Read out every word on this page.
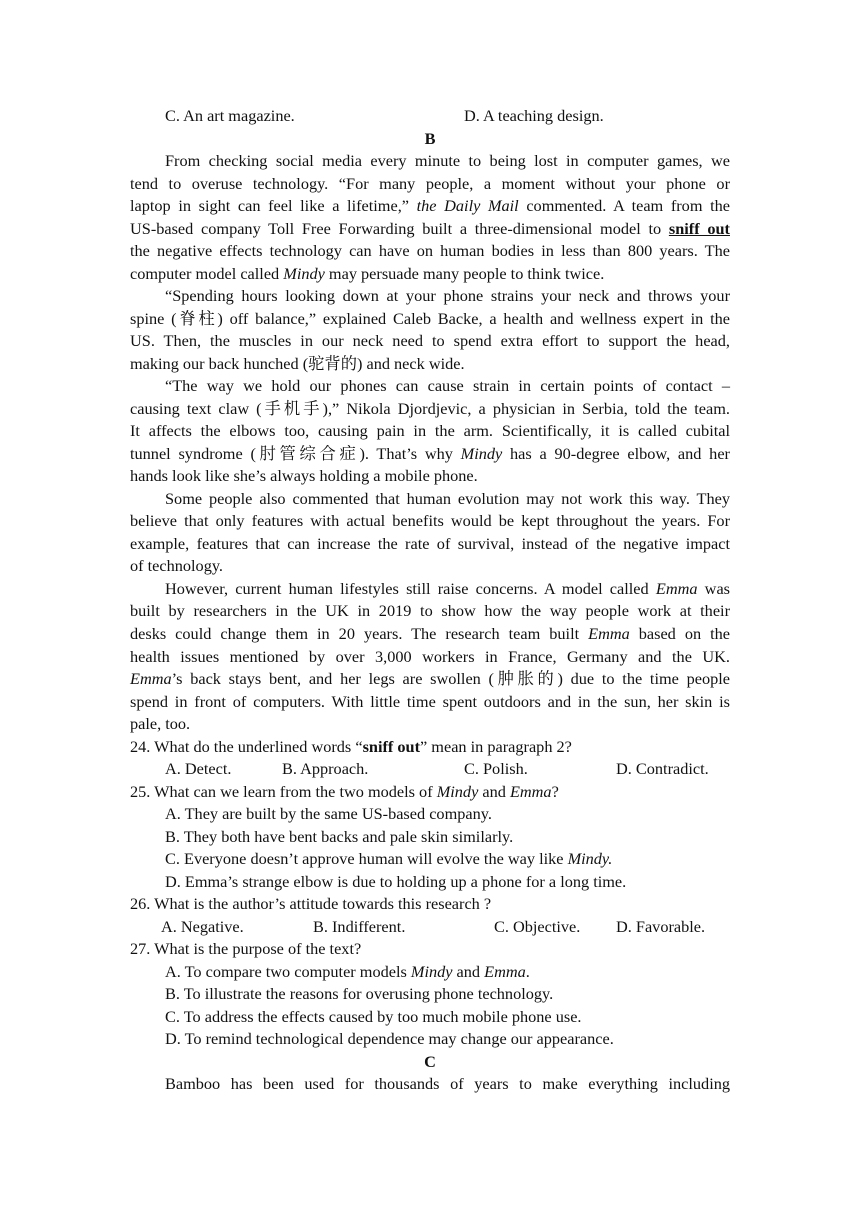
C. An art magazine.	D. A teaching design.
B
From checking social media every minute to being lost in computer games, we
tend to overuse technology. “For many people, a moment without your phone or
laptop in sight can feel like a lifetime,” the Daily Mail commented. A team from the
US-based company Toll Free Forwarding built a three-dimensional model to sniff out
the negative effects technology can have on human bodies in less than 800 years. The
computer model called Mindy may persuade many people to think twice.
“Spending hours looking down at your phone strains your neck and throws your
spine (脊柱) off balance,” explained Caleb Backe, a health and wellness expert in the
US. Then, the muscles in our neck need to spend extra effort to support the head,
making our back hunched (驼背的) and neck wide.
“The way we hold our phones can cause strain in certain points of contact –
causing text claw (手机手),” Nikola Djordjevic, a physician in Serbia, told the team.
It affects the elbows too, causing pain in the arm. Scientifically, it is called cubital
tunnel syndrome (肘管综合症). That’s why Mindy has a 90-degree elbow, and her
hands look like she’s always holding a mobile phone.
Some people also commented that human evolution may not work this way. They
believe that only features with actual benefits would be kept throughout the years. For
example, features that can increase the rate of survival, instead of the negative impact
of technology.
However, current human lifestyles still raise concerns. A model called Emma was
built by researchers in the UK in 2019 to show how the way people work at their
desks could change them in 20 years. The research team built Emma based on the
health issues mentioned by over 3,000 workers in France, Germany and the UK.
Emma’s back stays bent, and her legs are swollen (肿胀的) due to the time people
spend in front of computers. With little time spent outdoors and in the sun, her skin is
pale, too.
24. What do the underlined words “sniff out” mean in paragraph 2?
A. Detect.	B. Approach.	C. Polish.	D. Contradict.
25. What can we learn from the two models of Mindy and Emma?
A. They are built by the same US-based company.
B. They both have bent backs and pale skin similarly.
C. Everyone doesn’t approve human will evolve the way like Mindy.
D. Emma’s strange elbow is due to holding up a phone for a long time.
26. What is the author’s attitude towards this research ?
A. Negative.	B. Indifferent.	C. Objective. D. Favorable.
27. What is the purpose of the text?
A. To compare two computer models Mindy and Emma.
B. To illustrate the reasons for overusing phone technology.
C. To address the effects caused by too much mobile phone use.
D. To remind technological dependence may change our appearance.
C
Bamboo has been used for thousands of years to make everything including
